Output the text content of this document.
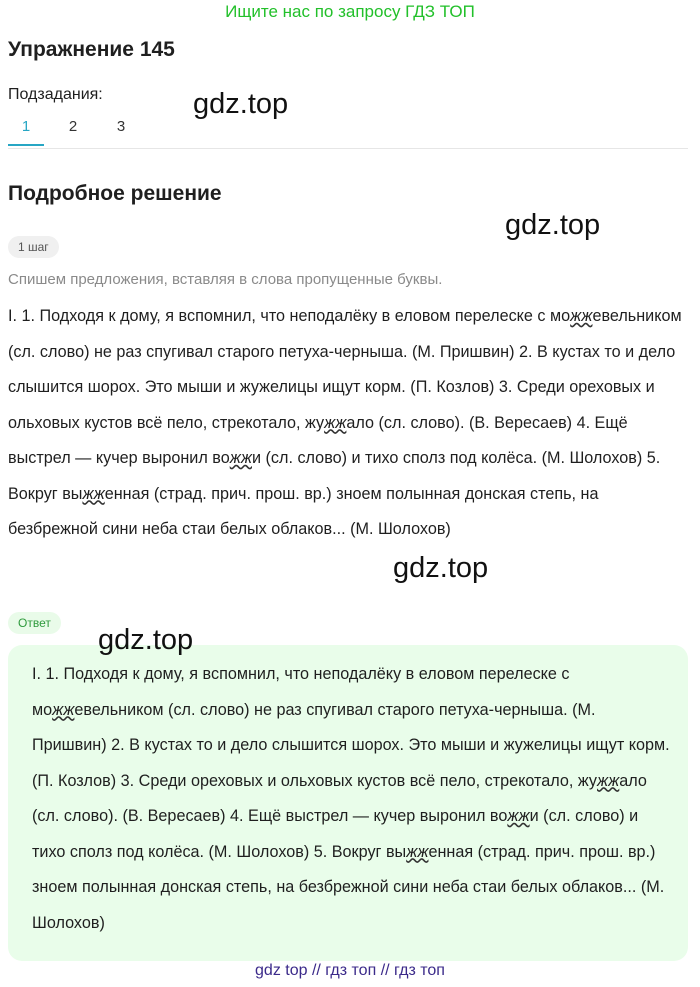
Ищите нас по запросу ГДЗ ТОП
Упражнение 145
Подзадания:
1	2	3
gdz.top
Подробное решение
gdz.top
1 шаг
Спишем предложения, вставляя в слова пропущенные буквы.
I. 1. Подходя к дому, я вспомнил, что неподалёку в еловом перелеске с можжевельником (сл. слово) не раз спугивал старого петуха-черныша. (М. Пришвин) 2. В кустах то и дело слышится шорох. Это мыши и жужелицы ищут корм. (П. Козлов) 3. Среди ореховых и ольховых кустов всё пело, стрекотало, жужжало (сл. слово). (В. Вересаев) 4. Ещё выстрел — кучер выронил вожжи (сл. слово) и тихо сполз под колёса. (М. Шолохов) 5. Вокруг выжженная (страд. прич. прош. вр.) зноем полынная донская степь, на безбрежной сини неба стаи белых облаков... (М. Шолохов)
gdz.top
Ответ
I. 1. Подходя к дому, я вспомнил, что неподалёку в еловом перелеске с можжевельником (сл. слово) не раз спугивал старого петуха-черныша. (М. Пришвин) 2. В кустах то и дело слышится шорох. Это мыши и жужелицы ищут корм. (П. Козлов) 3. Среди ореховых и ольховых кустов всё пело, стрекотало, жужжало (сл. слово). (В. Вересаев) 4. Ещё выстрел — кучер выронил вожжи (сл. слово) и тихо сполз под колёса. (М. Шолохов) 5. Вокруг выжженная (страд. прич. прош. вр.) зноем полынная донская степь, на безбрежной сини неба стаи белых облаков... (М. Шолохов)
gdz.top
gdz top // гдз топ // гдз топ
